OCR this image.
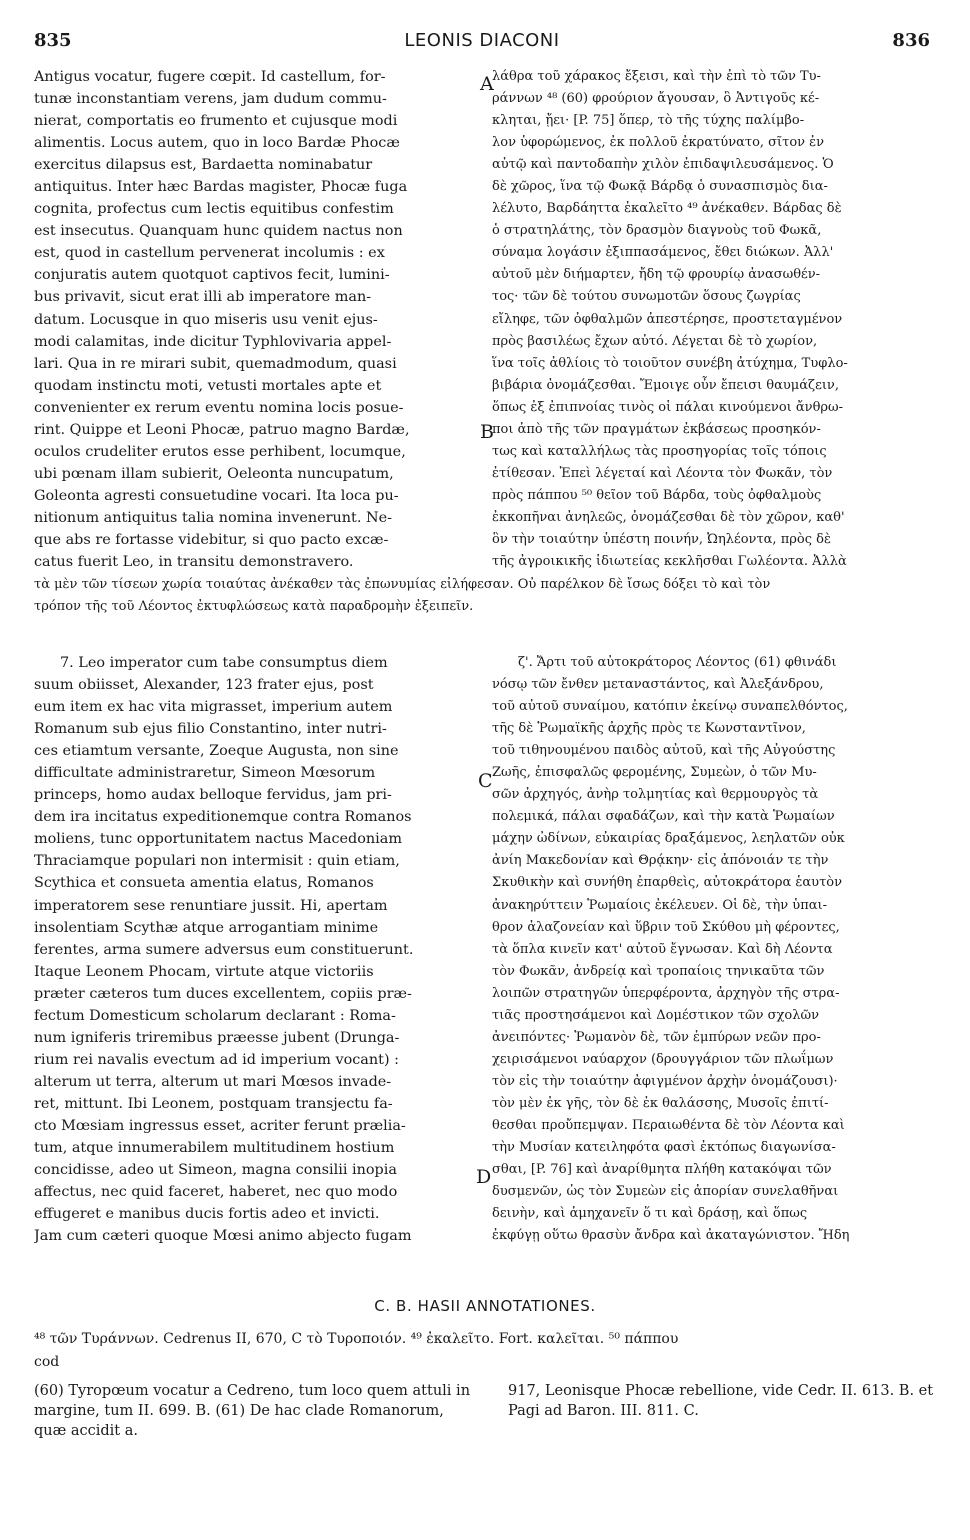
835	LEONIS DIACONI	836
A
B
C
D
Antigus vocatur, fugere cœpit. Id castellum, for-
tunæ inconstantiam verens, jam dudum commu-
nierat, comportatis eo frumento et cujusque modi
alimentis. Locus autem, quo in loco Bardæ Phocæ
exercitus dilapsus est, Bardaetta nominabatur
antiquitus. Inter hæc Bardas magister, Phocæ fuga
cognita, profectus cum lectis equitibus confestim
est insecutus. Quanquam hunc quidem nactus non
est, quod in castellum pervenerat incolumis : ex
conjuratis autem quotquot captivos fecit, lumini-
bus privavit, sicut erat illi ab imperatore man-
datum. Locusque in quo miseris usu venit ejus-
modi calamitas, inde dicitur Typhlovivaria appel-
lari. Qua in re mirari subit, quemadmodum, quasi
quodam instinctu moti, vetusti mortales apte et
convenienter ex rerum eventu nomina locis posue-
rint. Quippe et Leoni Phocæ, patruo magno Bardæ,
oculos crudeliter erutos esse perhibent, locumque,
ubi pœnam illam subierit, Oeleonta nuncupatum,
Goleonta agresti consuetudine vocari. Ita loca pu-
nitionum antiquitus talia nomina invenerunt. Ne-
que abs re fortasse videbitur, si quo pacto excæ-
catus fuerit Leo, in transitu demonstravero.
λάθρα τοῦ χάρακος ἔξεισι, καὶ τὴν ἐπὶ τὸ τῶν Τυ-
ράννων ⁴⁸ (60) φρούριον ἄγουσαν, ὃ Ἀντιγοῦς κέ-
κληται, ᾔει· [P. 75] ὅπερ, τὸ τῆς τύχης παλίμβο-
λον ὑφορώμενος, ἐκ πολλοῦ ἐκρατύνατο, σῖτον ἐν
αὐτῷ καὶ παντοδαπὴν χιλὸν ἐπιδαψιλευσάμενος. Ὁ
δὲ χῶρος, ἵνα τῷ Φωκᾷ Βάρδᾳ ὁ συνασπισμὸς δια-
λέλυτο, Βαρδάηττα ἐκαλεῖτο ⁴⁹ ἀνέκαθεν. Βάρδας δὲ
ὁ στρατηλάτης, τὸν δρασμὸν διαγνοὺς τοῦ Φωκᾶ,
σύναμα λογάσιν ἐξιππασάμενος, ἔθει διώκων. Ἀλλ'
αὐτοῦ μὲν διήμαρτεν, ἤδη τῷ φρουρίῳ ἀνασωθέν-
τος· τῶν δὲ τούτου συνωμοτῶν ὅσους ζωγρίας
εἴληφε, τῶν ὀφθαλμῶν ἀπεστέρησε, προστεταγμένον
πρὸς βασιλέως ἔχων αὐτό. Λέγεται δὲ τὸ χωρίον,
ἵνα τοῖς ἀθλίοις τὸ τοιοῦτον συνέβη ἀτύχημα, Τυφλο-
βιβάρια ὀνομάζεσθαι. Ἔμοιγε οὖν ἔπεισι θαυμάζειν,
ὅπως ἐξ ἐπιπνοίας τινὸς οἱ πάλαι κινούμενοι ἄνθρω-
ποι ἀπὸ τῆς τῶν πραγμάτων ἐκβάσεως προσηκόν-
τως καὶ καταλλήλως τὰς προσηγορίας τοῖς τόποις
ἐτίθεσαν. Ἐπεὶ λέγεταί καὶ Λέοντα τὸν Φωκᾶν, τὸν
πρὸς πάππου ⁵⁰ θεῖον τοῦ Βάρδα, τοὺς ὀφθαλμοὺς
ἐκκοπῆναι ἀνηλεῶς, ὀνομάζεσθαι δὲ τὸν χῶρον, καθ'
ὃν τὴν τοιαύτην ὑπέστη ποινήν, Ὠηλέοντα, πρὸς δὲ
τῆς ἀγροικικῆς ἰδιωτείας κεκλῆσθαι Γωλέοντα. Ἀλλὰ
τὰ μὲν τῶν τίσεων χωρία τοιαύτας ἀνέκαθεν τὰς ἐπωνυμίας εἰλήφεσαν. Οὐ παρέλκον δὲ ἴσως δόξει τὸ καὶ τὸν
τρόπον τῆς τοῦ Λέοντος ἐκτυφλώσεως κατὰ παραδρομὴν ἐξειπεῖν.
7. Leo imperator cum tabe consumptus diem
suum obiisset, Alexander, 123 frater ejus, post
eum item ex hac vita migrasset, imperium autem
Romanum sub ejus filio Constantino, inter nutri-
ces etiamtum versante, Zoeque Augusta, non sine
difficultate administraretur, Simeon Mœsorum
princeps, homo audax belloque fervidus, jam pri-
dem ira incitatus expeditionemque contra Romanos
moliens, tunc opportunitatem nactus Macedoniam
Thraciamque populari non intermisit : quin etiam,
Scythica et consueta amentia elatus, Romanos
imperatorem sese renuntiare jussit. Hi, apertam
insolentiam Scythæ atque arrogantiam minime
ferentes, arma sumere adversus eum constituerunt.
Itaque Leonem Phocam, virtute atque victoriis
præter cæteros tum duces excellentem, copiis præ-
fectum Domesticum scholarum declarant : Roma-
num igniferis triremibus præesse jubent (Drunga-
rium rei navalis evectum ad id imperium vocant) :
alterum ut terra, alterum ut mari Mœsos invade-
ret, mittunt. Ibi Leonem, postquam transjectu fa-
cto Mœsiam ingressus esset, acriter ferunt prælia-
tum, atque innumerabilem multitudinem hostium
concidisse, adeo ut Simeon, magna consilii inopia
affectus, nec quid faceret, haberet, nec quo modo
effugeret e manibus ducis fortis adeo et invicti.
Jam cum cæteri quoque Mœsi animo abjecto fugam
ζ'. Ἄρτι τοῦ αὐτοκράτορος Λέοντος (61) φθινάδι
νόσῳ τῶν ἔνθεν μεταναστάντος, καὶ Ἀλεξάνδρου,
τοῦ αὐτοῦ συναίμου, κατόπιν ἐκείνῳ συναπελθόντος,
τῆς δὲ Ῥωμαϊκῆς ἀρχῆς πρὸς τε Κωνσταντῖνον,
τοῦ τιθηνουμένου παιδὸς αὐτοῦ, καὶ τῆς Αὐγούστης
Ζωῆς, ἐπισφαλῶς φερομένης, Συμεὼν, ὁ τῶν Μυ-
σῶν ἀρχηγός, ἀνὴρ τολμητίας καὶ θερμουργὸς τὰ
πολεμικά, πάλαι σφαδάζων, καὶ τὴν κατὰ Ῥωμαίων
μάχην ὠδίνων, εὐκαιρίας δραξάμενος, λεηλατῶν οὐκ
ἀνίη Μακεδονίαν καὶ Θρᾴκην· εἰς ἀπόνοιάν τε τὴν
Σκυθικὴν καὶ συνήθη ἐπαρθεὶς, αὐτοκράτορα ἑαυτὸν
ἀνακηρύττειν Ῥωμαίοις ἐκέλευεν. Οἱ δὲ, τὴν ὑπαι-
θρον ἀλαζονείαν καὶ ὕβριν τοῦ Σκύθου μὴ φέροντες,
τὰ ὅπλα κινεῖν κατ' αὐτοῦ ἔγνωσαν. Καὶ δὴ Λέοντα
τὸν Φωκᾶν, ἀνδρείᾳ καὶ τροπαίοις τηνικαῦτα τῶν
λοιπῶν στρατηγῶν ὑπερφέροντα, ἀρχηγὸν τῆς στρα-
τιᾶς προστησάμενοι καὶ Δομέστικον τῶν σχολῶν
ἀνειπόντες· Ῥωμανὸν δὲ, τῶν ἐμπύρων νεῶν προ-
χειρισάμενοι ναύαρχον (δρουγγάριον τῶν πλωΐμων
τὸν εἰς τὴν τοιαύτην ἀφιγμένον ἀρχὴν ὀνομάζουσι)·
τὸν μὲν ἐκ γῆς, τὸν δὲ ἐκ θαλάσσης, Μυσοῖς ἐπιτί-
θεσθαι προὔπεμψαν. Περαιωθέντα δὲ τὸν Λέοντα καὶ
τὴν Μυσίαν κατειληφότα φασὶ ἐκτόπως διαγωνίσα-
σθαι, [P. 76] καὶ ἀναρίθμητα πλήθη κατακόψαι τῶν
δυσμενῶν, ὡς τὸν Συμεὼν εἰς ἀπορίαν συνελαθῆναι
δεινὴν, καὶ ἀμηχανεῖν ὅ τι καὶ δράσῃ, καὶ ὅπως
ἐκφύγῃ οὕτω θρασὺν ἄνδρα καὶ ἀκαταγώνιστον. Ἤδη
C. B. HASII ANNOTATIONES.
⁴⁸ τῶν Τυράννων. Cedrenus II, 670, C τὸ Τυροποιόν. ⁴⁹ ἐκαλεῖτο. Fort. καλεῖται. ⁵⁰ πάππου
cod
(60) Tyropœum vocatur a Cedreno, tum loco quem attuli in margine, tum II. 699. B. (61) De hac clade Romanorum, quæ accidit a.
917, Leonisque Phocæ rebellione, vide Cedr. II. 613. B. et Pagi ad Baron. III. 811. C.
